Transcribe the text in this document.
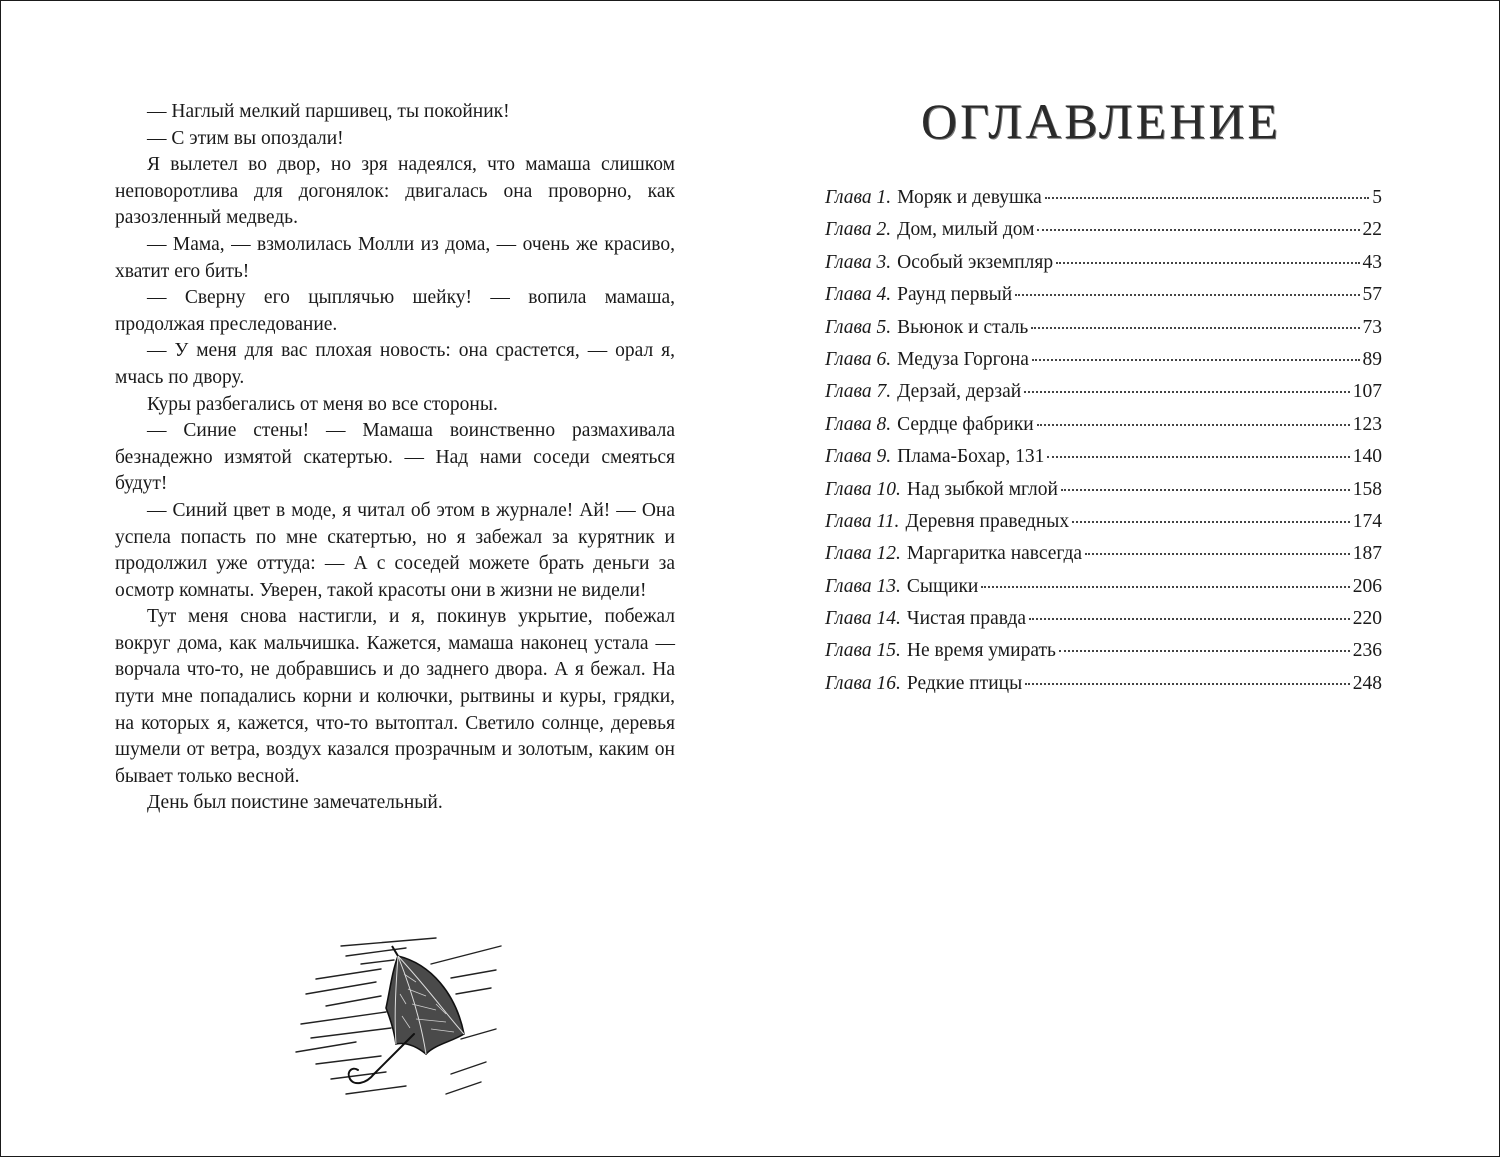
— Наглый мелкий паршивец, ты покойник!

— С этим вы опоздали!

Я вылетел во двор, но зря надеялся, что мамаша слишком неповоротлива для догонялок: двигалась она проворно, как разозленный медведь.

— Мама, — взмолилась Молли из дома, — очень же красиво, хватит его бить!

— Сверну его цыплячью шейку! — вопила мамаша, продолжая преследование.

— У меня для вас плохая новость: она срастется, — орал я, мчась по двору.

Куры разбегались от меня во все стороны.

— Синие стены! — Мамаша воинственно размахивала безнадежно измятой скатертью. — Над нами соседи смеяться будут!

— Синий цвет в моде, я читал об этом в журнале! Ай! — Она успела попасть по мне скатертью, но я забежал за курятник и продолжил уже оттуда: — А с соседей можете брать деньги за осмотр комнаты. Уверен, такой красоты они в жизни не видели!

Тут меня снова настигли, и я, покинув укрытие, побежал вокруг дома, как мальчишка. Кажется, мамаша наконец устала — ворчала что-то, не добравшись и до заднего двора. А я бежал. На пути мне попадались корни и колючки, рытвины и куры, грядки, на которых я, кажется, что-то вытоптал. Светило солнце, деревья шумели от ветра, воздух казался прозрачным и золотым, каким он бывает только весной.

День был поистине замечательный.

ОГЛАВЛЕНИЕ
Глава 1. Моряк и девушка	5
Глава 2. Дом, милый дом	22
Глава 3. Особый экземпляр	43
Глава 4. Раунд первый	57
Глава 5. Вьюнок и сталь	73
Глава 6. Медуза Горгона	89
Глава 7. Дерзай, дерзай	107
Глава 8. Сердце фабрики	123
Глава 9. Плама-Бохар, 131	140
Глава 10. Над зыбкой мглой	158
Глава 11. Деревня праведных	174
Глава 12. Маргаритка навсегда	187
Глава 13. Сыщики	206
Глава 14. Чистая правда	220
Глава 15. Не время умирать	236
Глава 16. Редкие птицы	248
